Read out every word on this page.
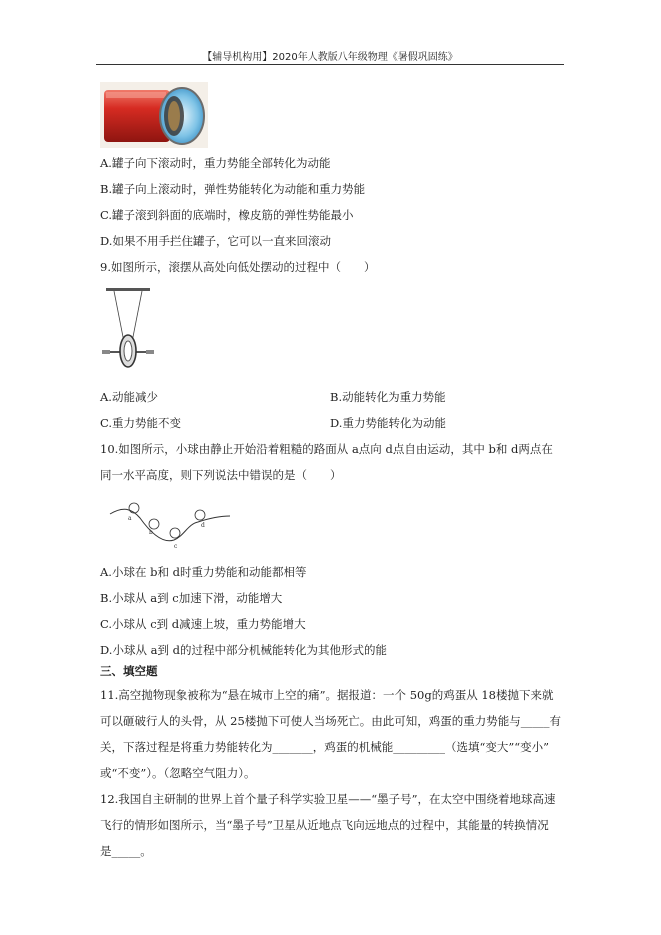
【辅导机构用】2020年人教版八年级物理《暑假巩固练》
A.罐子向下滚动时，重力势能全部转化为动能
B.罐子向上滚动时，弹性势能转化为动能和重力势能
C.罐子滚到斜面的底端时，橡皮筋的弹性势能最小
D.如果不用手拦住罐子，它可以一直来回滚动
9.如图所示，滚摆从高处向低处摆动的过程中（　　）
A.动能减少	B.动能转化为重力势能
C.重力势能不变	D.重力势能转化为动能
10.如图所示，小球由静止开始沿着粗糙的路面从 a点向 d点自由运动，其中 b和 d两点在
同一水平高度，则下列说法中错误的是（　　）
a
b
c
d
A.小球在 b和 d时重力势能和动能都相等
B.小球从 a到 c加速下滑，动能增大
C.小球从 c到 d减速上坡，重力势能增大
D.小球从 a到 d的过程中部分机械能转化为其他形式的能
三、填空题
11.高空抛物现象被称为“悬在城市上空的痛”。据报道：一个 50g的鸡蛋从 18楼抛下来就
可以砸破行人的头骨，从 25楼抛下可使人当场死亡。由此可知，鸡蛋的重力势能与_____有
关，下落过程是将重力势能转化为_______，鸡蛋的机械能_________（选填“变大”“变小”
或“不变”）。（忽略空气阻力）。
12.我国自主研制的世界上首个量子科学实验卫星——“墨子号”，在太空中围绕着地球高速
飞行的情形如图所示，当“墨子号”卫星从近地点飞向远地点的过程中，其能量的转换情况
是_____。
